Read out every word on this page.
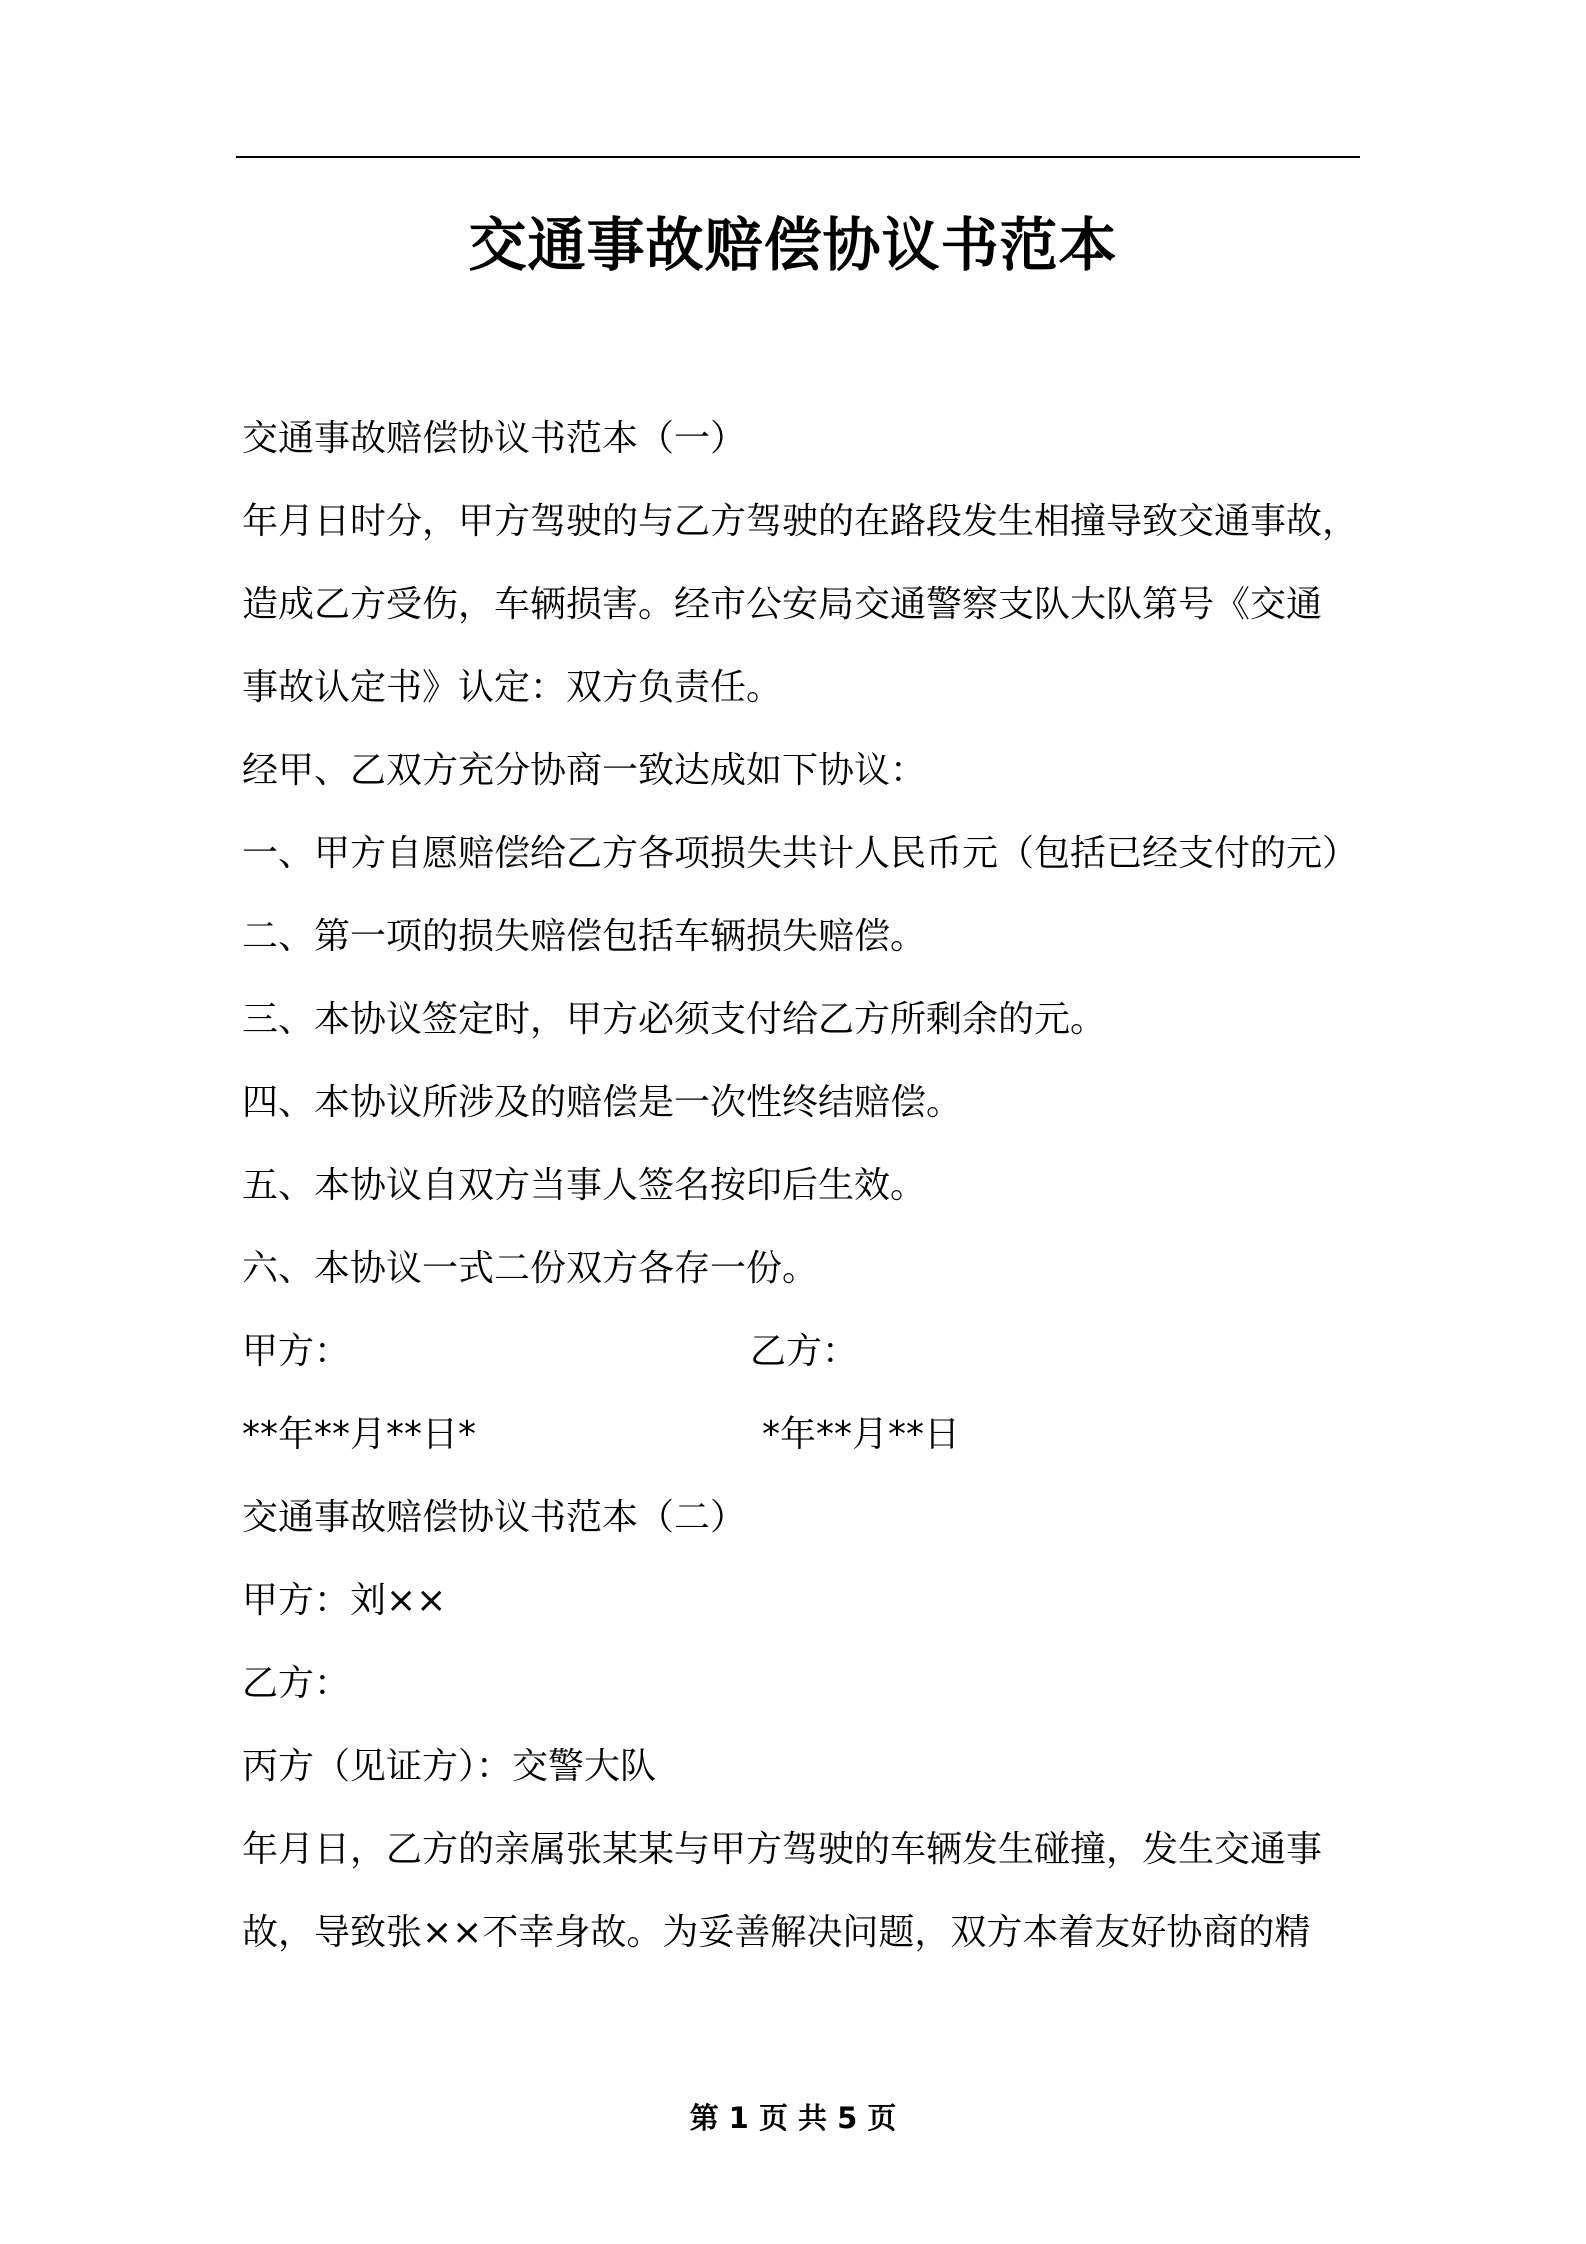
交通事故赔偿协议书范本
交通事故赔偿协议书范本（一）
年月日时分，甲方驾驶的与乙方驾驶的在路段发生相撞导致交通事故，
造成乙方受伤，车辆损害。经市公安局交通警察支队大队第号《交通
事故认定书》认定：双方负责任。
经甲、乙双方充分协商一致达成如下协议：
一、甲方自愿赔偿给乙方各项损失共计人民币元（包括已经支付的元）
二、第一项的损失赔偿包括车辆损失赔偿。
三、本协议签定时，甲方必须支付给乙方所剩余的元。
四、本协议所涉及的赔偿是一次性终结赔偿。
五、本协议自双方当事人签名按印后生效。
六、本协议一式二份双方各存一份。
甲方：	乙方：
**年**月**日*	*年**月**日
交通事故赔偿协议书范本（二）
甲方：刘××
乙方：
丙方（见证方）：交警大队
年月日，乙方的亲属张某某与甲方驾驶的车辆发生碰撞，发生交通事
故，导致张××不幸身故。为妥善解决问题，双方本着友好协商的精
第 1 页 共 5 页
